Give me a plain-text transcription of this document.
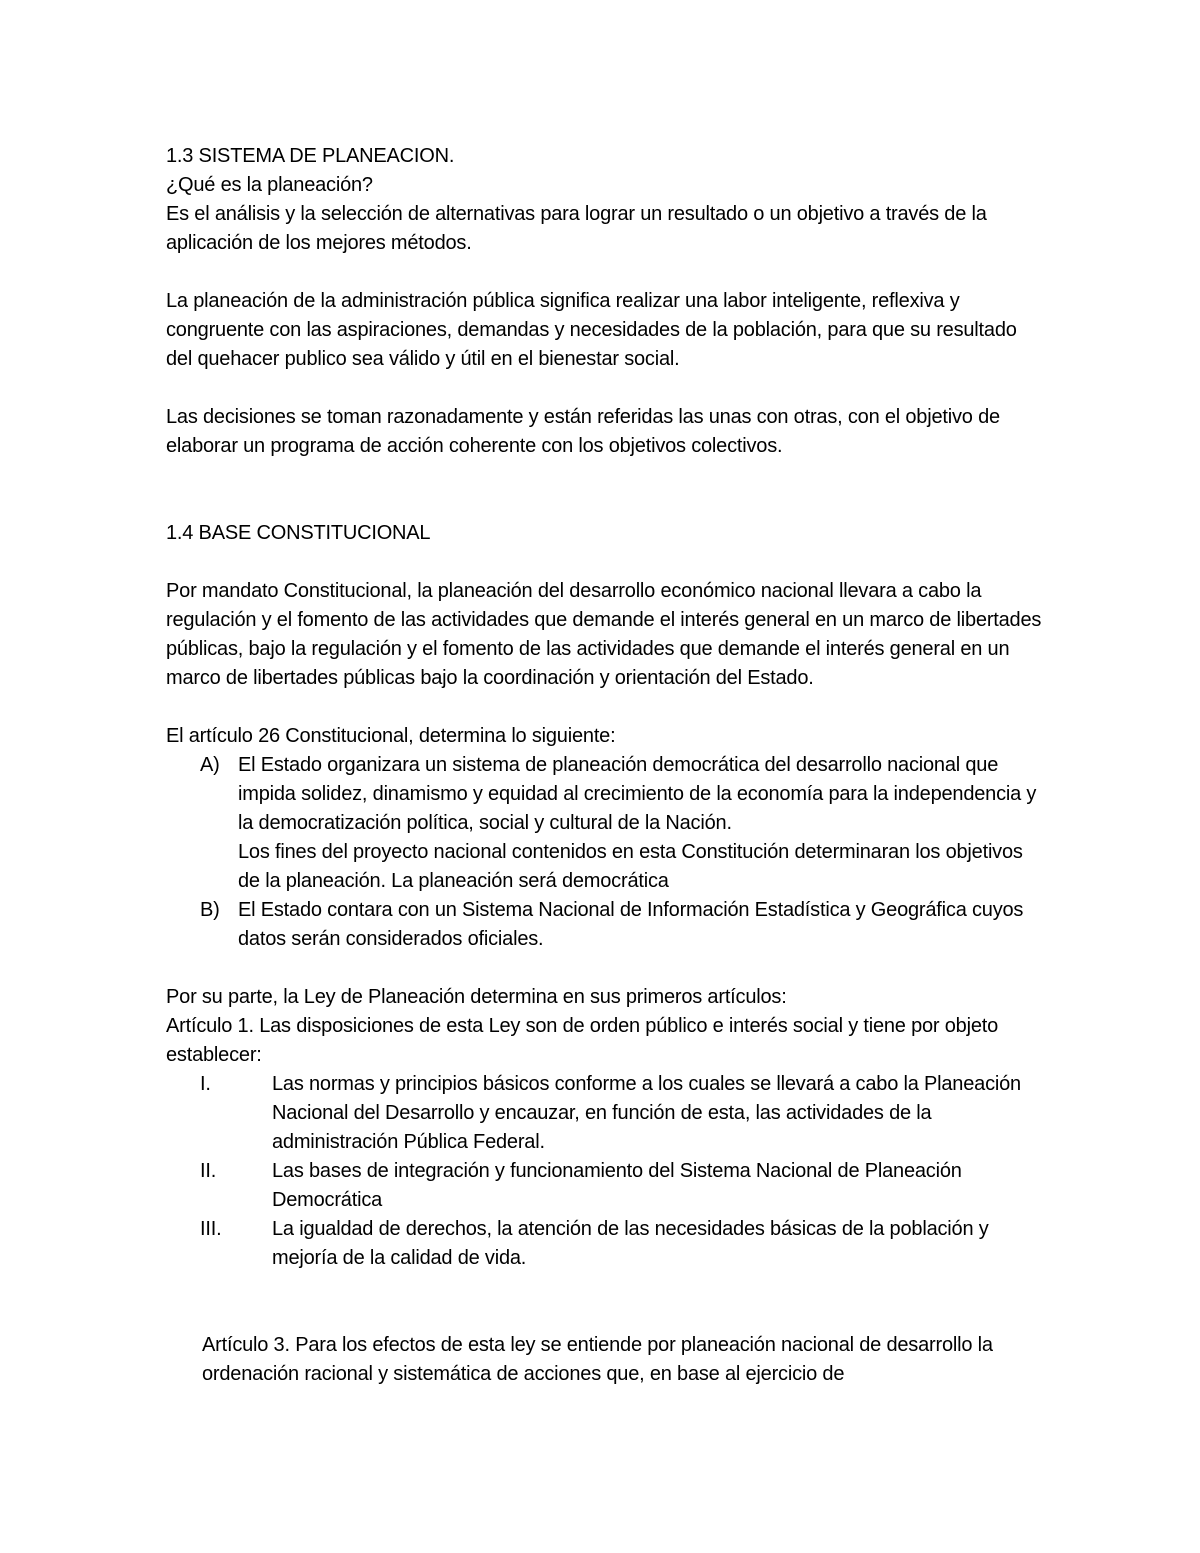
1.3 SISTEMA DE PLANEACION.

¿Qué es la planeación?

Es el análisis y la selección de alternativas para lograr un resultado o un objetivo a través de la aplicación de los mejores métodos.

La planeación de la administración pública significa realizar una labor inteligente, reflexiva y congruente con las aspiraciones, demandas y necesidades de la población, para que su resultado del quehacer publico sea válido y útil en el bienestar social.

Las decisiones se toman razonadamente y están referidas las unas con otras, con el objetivo de elaborar un programa de acción coherente con los objetivos colectivos.

1.4 BASE CONSTITUCIONAL

Por mandato Constitucional, la planeación del desarrollo económico nacional llevara a cabo la regulación y el fomento de las actividades que demande el interés general en un marco de libertades públicas, bajo la regulación y el fomento de las actividades que demande el interés general en un marco de libertades públicas bajo la coordinación y orientación del Estado.

El artículo 26 Constitucional, determina lo siguiente:

A) El Estado organizara un sistema de planeación democrática del desarrollo nacional que impida solidez, dinamismo y equidad al crecimiento de la economía para la independencia y la democratización política, social y cultural de la Nación.

Los fines del proyecto nacional contenidos en esta Constitución determinaran los objetivos de la planeación. La planeación será democrática

B) El Estado contara con un Sistema Nacional de Información Estadística y Geográfica cuyos datos serán considerados oficiales.

Por su parte, la Ley de Planeación determina en sus primeros artículos:

Artículo 1. Las disposiciones de esta Ley son de orden público e interés social y tiene por objeto establecer:

I.	Las normas y principios básicos conforme a los cuales se llevará a cabo la Planeación Nacional del Desarrollo y encauzar, en función de esta, las actividades de la administración Pública Federal.

II.	Las bases de integración y funcionamiento del Sistema Nacional de Planeación Democrática

III.	La igualdad de derechos, la atención de las necesidades básicas de la población y mejoría de la calidad de vida.

Artículo 3. Para los efectos de esta ley se entiende por planeación nacional de desarrollo la ordenación racional y sistemática de acciones que, en base al ejercicio de
